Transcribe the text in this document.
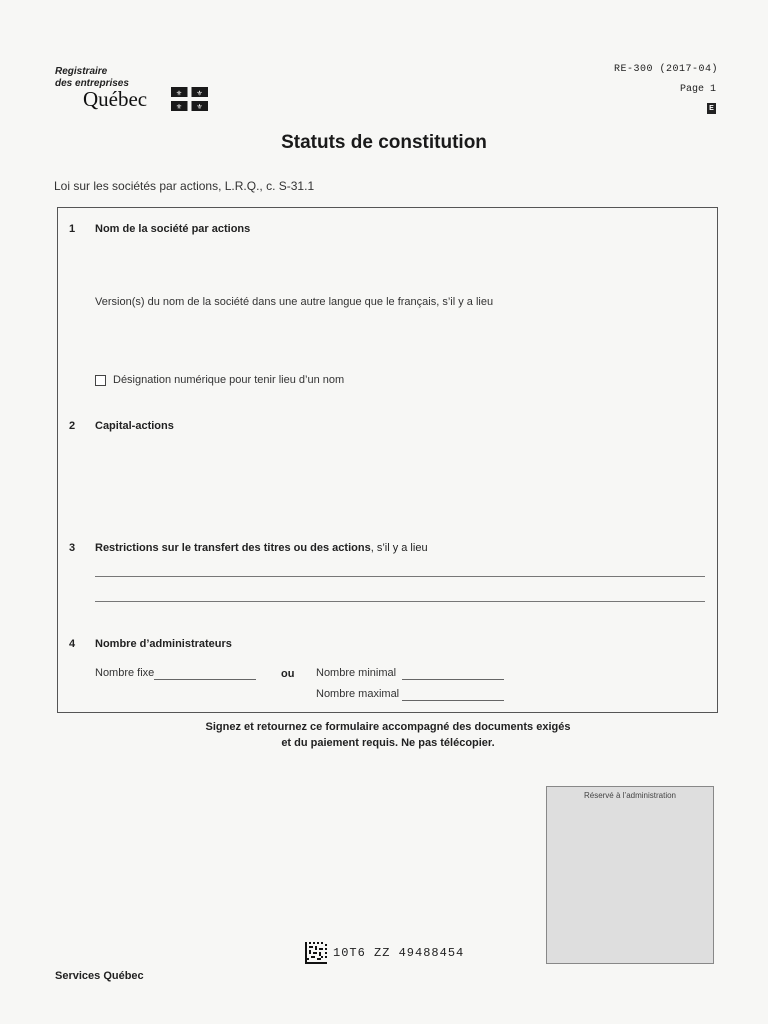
Registraire
des entreprises
Québec	⚜ ⚜
⚜ ⚜
RE-300 (2017-04)
Page 1
E
Statuts de constitution
Loi sur les sociétés par actions, L.R.Q., c. S-31.1
1 Nom de la société par actions
Version(s) du nom de la société dans une autre langue que le français, s’il y a lieu
Désignation numérique pour tenir lieu d’un nom
2 Capital-actions
3 Restrictions sur le transfert des titres ou des actions, s’il y a lieu
4 Nombre d’administrateurs
Nombre fixe	ou Nombre minimal
Nombre maximal
Signez et retournez ce formulaire accompagné des documents exigés
et du paiement requis. Ne pas télécopier.
Réservé à l’administration
10T6 ZZ 49488454
Services Québec
